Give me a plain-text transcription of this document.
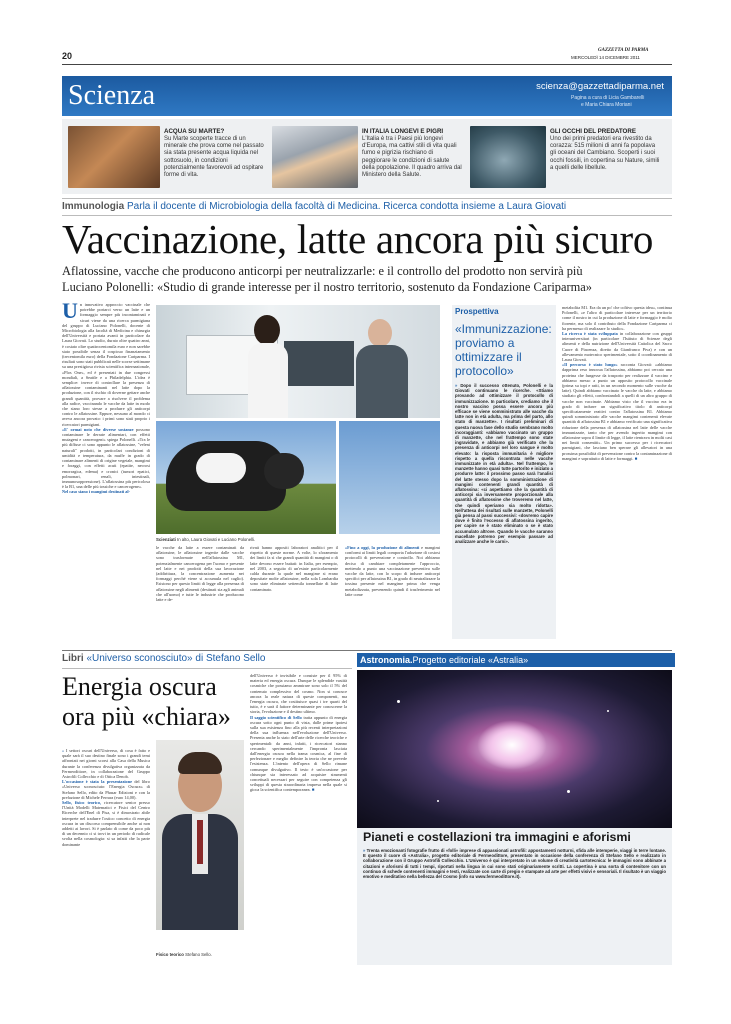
20
GAZZETTA DI PARMA
MERCOLEDÌ 14 DICEMBRE 2011
Scienza	scienza@gazzettadiparma.net
Pagina a cura di Licia Gambarelli
e Maria Chiara Moriani
ACQUA SU MARTE?
Su Marte scoperte tracce di un minerale che prova come nel passato sia stata presente acqua liquida nel sottosuolo, in condizioni potenzialmente favorevoli ad ospitare forme di vita.
IN ITALIA LONGEVI E PIGRI
L'Italia è tra i Paesi più longevi d'Europa, ma cattivi stili di vita quali fumo e pigrizia rischiano di peggiorare le condizioni di salute della popolazione. Il quadro arriva dal Ministero della Salute.
GLI OCCHI DEL PREDATORE
Uno dei primi predatori era rivestito da corazza: 515 milioni di anni fa popolava gli oceani del Cambiano. Scoperti i suoi occhi fossili, in copertina su Nature, simili a quelli delle libellule.
Immunologia Parla il docente di Microbiologia della facoltà di Medicina. Ricerca condotta insieme a Laura Giovati
Vaccinazione, latte ancora più sicuro
Aflatossine, vacche che producono anticorpi per neutralizzarle: e il controllo del prodotto non servirà più
Luciano Polonelli: «Studio di grande interesse per il nostro territorio, sostenuto da Fondazione Cariparma»
U n innovativo approccio vaccinale che potrebbe portarci verso un latte e un formaggio sempre più incontaminati e sicuri viene da una ricerca parmigiana del gruppo di Luciano Polonelli, docente di Microbiologia alla facoltà di Medicina e chirurgia dell'Università e portata avanti in particolare da Laura Giovati. Lo studio, durato oltre quattro anni, è costato oltre quattrocentomila euro e non sarebbe stato possibile senza il cospicuo finanziamento (trecentomila euro) della Fondazione Cariparma. I risultati sono stati pubblicati nelle scorse settimane su una prestigiosa rivista scientifica internazionale, «Plos One», ed è presentati in due congressi mondiali, a Seattle e a Philadelphia. L'idea è semplice: invece di controllare la presenza di aflatossine contaminanti nel latte dopo la produzione, con il rischio di doverne gettare anche grandi quantità, provare a risolvere il problema alla radice, vaccinando le vacche da latte in modo che siano loro stesse a produrre gli anticorpi contro le aflatossine. Eppure, nessuno al mondo ci aveva ancora provato: i primi sono stati proprio i ricercatori parmigiani.
«E' ormai noto che diverse sostanze possono contaminare le derrate alimentari, con effetti mutageni e cancerogeni» spiega Polonelli. «Tra le più diffuse ci sono appunto le aflatossine, "veleni naturali" prodotti, in particolari condizioni di umidità e temperatura, da muffe in grado di contaminare alimenti di origine vegetale, mangimi e foraggi, con effetti acuti (epatite, necrosi emorragica, edema) e cronici (tumori epatici, polmonari, renali, intestinali, immunosoppressione). L'aflatossina più pericolosa è la B1, una delle più tossiche e cancerogene».
Nel caso siano i mangimi destinati al-
Scienziati In alto, Laura Giovati e Luciano Polonelli.
le vacche da latte a essere contaminati da aflatossine, le aflatossine ingerite dalle vacche sono trasformate nell'aflatossina M1, potenzialmente cancerogena per l'uomo e presente nel latte e nei prodotti della sua lavorazione (addirittura, la concentrazione aumenta nei formaggi perché viene si accumula nel caglio). Esistono per questo limiti di legge alla presenza di aflatossine negli alimenti (destinati sia agli animali che all'uomo) e tutte le industrie che producono latte e de-
rivati hanno appositi laboratori analitici per il rispetto di queste norme. A volte, lo sforamento dei limiti fa sì che grandi quantità di mangimi o di latte devono essere buttati: in Italia, per esempio, nel 2003, a seguito di un'estate particolarmente calda durante la quale nel mangime si erano depositate molte aflatossine, nella sola Lombardia sono state eliminate settemila tonnellate di latte contaminato.
«Fino a oggi, la produzione di alimenti e mangimi conformi ai limiti legali comporta l'adozione di costosi protocolli di prevenzione e controllo. Noi abbiamo deciso di cambiare completamente l'approccio, mettendo a punto una vaccinazione preventiva sulle vacche da latte, con lo scopo di indurre anticorpi specifici per aflatossina B1, in grado di neutralizzare la tossina presente nel mangime prima che venga metabolizzata, prevenendo quindi il trasferimento nel latte come
Prospettiva
«Immunizzazione: proviamo a ottimizzare il protocollo»
» Dopo il successo ottenuto, Polonelli e la Giovati continuano le ricerche. «Stiamo provando ad ottimizzare il protocollo di immunizzazione. In particolare, crediamo che il nostro vaccino possa essere ancora più efficace se viene somministrato alle vacche da latte non in età adulta, ma prima del parto, allo stato di manzette». I risultati preliminari di questa nuova fase dello studio sembrano molto incoraggianti: «abbiamo vaccinato un gruppo di manzette, che nel frattempo sono state ingravidate, e abbiamo già verificato che la presenza di anticorpi nel loro sangue è molto elevato: la risposta immunitaria è migliore rispetto a quella riscontrata nelle vacche immunizzate in età adulta». Nel frattempo, le manzette hanno quasi tutte partorito e iniziato a produrre latte: il prossimo passo sarà l'analisi del latte stesso dopo la somministrazione di mangimi contenenti grandi quantità di aflatossina: «ci aspettiamo che la quantità di anticorpi sia inversamente proporzionale alla quantità di aflatossine che troveremo nel latte, che quindi speriamo sia molto ridotta». Nell'attesa dei risultati sulle manzette, Polonelli già pensa al passi successivi: «dovremo capire dove è finito l'eccesso di aflatossina ingerito, per capire se è stato eliminato o se è stato accumulato altrove. Quando le vacche saranno macellate potremo per esempio passare ad analizzare anche le carni».
metabolita M1. Era da un po' che coltivo questa idea», continua Polonelli, «e l'altro di particolare interesse per un territorio come il nostro in cui la produzione di latte e formaggio è molto fiorente, ma solo il contributo della Fondazione Cariparma ci ha permesso di realizzare lo studio».
La ricerca è stata sviluppata in collaborazione con gruppi interuniversitari (in particolare l'Istituto di Scienze degli alimenti e della nutrizione dell'Università Cattolica del Sacro Cuore di Piacenza, diretto da Gianfranco Piva) e con un allevamento motecnico sperimentale, sotto il coordinamento di Laura Giovati.
«Il percorso è stato lungo» racconta Giovati: «abbiamo dapprima reso innocua l'aflatossina, abbiamo poi cercato una proteina che fungesse da trasporto per realizzare il vaccino e abbiamo messo a punto un apposito protocollo vaccinale (prima su topi e ratti, in un secondo momento sulle vacche da latte). Quindi abbiamo vaccinato le vacche da latte, e abbiamo studiato gli effetti, confrontandoli a quelli di un altro gruppo di vacche non vaccinate. Abbiamo visto che il vaccino era in grado di indurre un significativo titolo di anticorpi specificatamente reattivi contro l'aflatossina B1. Abbiamo quindi somministrato alle vacche mangimi contenenti elevate quantità di aflatossina B1 e abbiamo verificato una significativa riduzione della presenza di aflatossina nel latte delle vacche immunizzate, tanto che per avendo ingerito mangimi con aflatossine sopra il limite di legge, il latte rientrava in molti casi nei limiti consentiti». Un primo successo per i ricercatori parmigiani, che lasciano ben sperare gli allevatori in una prossima possibilità di prevenzione contro la contaminazione di mangimi e soprattutto di latte e formaggi. ■
Libri «Universo sconosciuto» di Stefano Sello
Energia oscura
ora più «chiara»
» I settori oscuri dell'Universo, di cosa è fatto e quale sarà il suo destino finale sono i grandi temi affrontati nei giorni scorsi alla Casa della Musica durante la conferenza divulgativa organizzata da Fermeodittore, in collaborazione del Gruppo Astrofili Collecchio e di Ottica Denob.
L'occasione è stata la presentazione del libro «Universo sconosciuto: l'Energia Oscura» di Stefano Sello, edito da Phasar Edizioni e con la prefazione di Michele Ferrara (euro 14,00).
Sello, fisico teorico, ricercatore senior presso l'Unità Modelli Matematici e Fisici del Centro Ricerche dell'Enel di Pisa, si è dimostrato abile interprete nel tradurre l'ostico concetto di energia oscura in un discorso comprensibile anche ai non addetti ai lavori. Si è parlato di come da poco più di un decennio ci si trovi in un periodo di radicale svolta nella cosmologia: si sa infatti che la parte dominante
Fisico teorico Stefano Sello.
dell'Universo è invisibile e consiste per il 95% di materia ed energia oscura. Dunque le splendide vastità cosmiche che possiamo ammirare sono solo il 5% del contenuto complessivo del cosmo. Non si conosce ancora la reale natura di queste componenti, ma l'energia oscura, che costituisce quasi i tre quarti del tutto, è e sarà il fattore determinante per conoscerne la storia, l'evoluzione e il destino ultimo.
Il saggio scientifico di Sello tratta appunto di energia oscura sotto ogni punto di vista, dalle prime ipotesi sulla sua esistenza fino alla più recenti interpretazioni della sua influenza nell'evoluzione dell'Universo. Presenta anche lo stato dell'arte delle ricerche teoriche e sperimentali: da anni, infatti, i ricercatori stanno cercando sperimentalmente l'impronta lasciata dall'energia oscura nella trama cosmica, al fine di perfezionare e meglio definire la teoria che ne prevede l'esistenza. L'intento dell'opera di Sello rimane comunque divulgativo. Il testo è un'occasione per chiunque sia interessato ad acquisire strumenti concettuali necessari per seguire con competenza gli sviluppi di questa straordinaria impresa nella quale si gioca la scientifica contemporanea. ■
Astronomia.Progetto editoriale «Astralia»
Pianeti e costellazioni tra immagini e aforismi
» Trenta emozionanti fotografie frutto di «folli» imprese di appassionati astrofili: appostamenti notturni, sfida alle intemperie, viaggi in terre lontane. E questo il cuore di «Astralia», progetto editoriale di Fermeodittore, presentato in occasione della conferenza di Stefano Sello e realizzato in collaborazione con il Gruppo Astrofili Collecchio. L'Universo è qui interpretato in un volume di creatività cartotecnica: le immagini sono abbinate a citazioni e aforismi di tutti i tempi, riportati nella lingua in cui sono stati originariamente scritti. La copertina è una sorta di contenitore con un continuo di schede contenenti immagini e testi, realizzate con carte di pregio e stampate ad arte per effetti visivi e sensoriali. Il risultato è un viaggio emotivo e meditativo nella bellezza del Cosmo (info su www.fermeodittore.it).
